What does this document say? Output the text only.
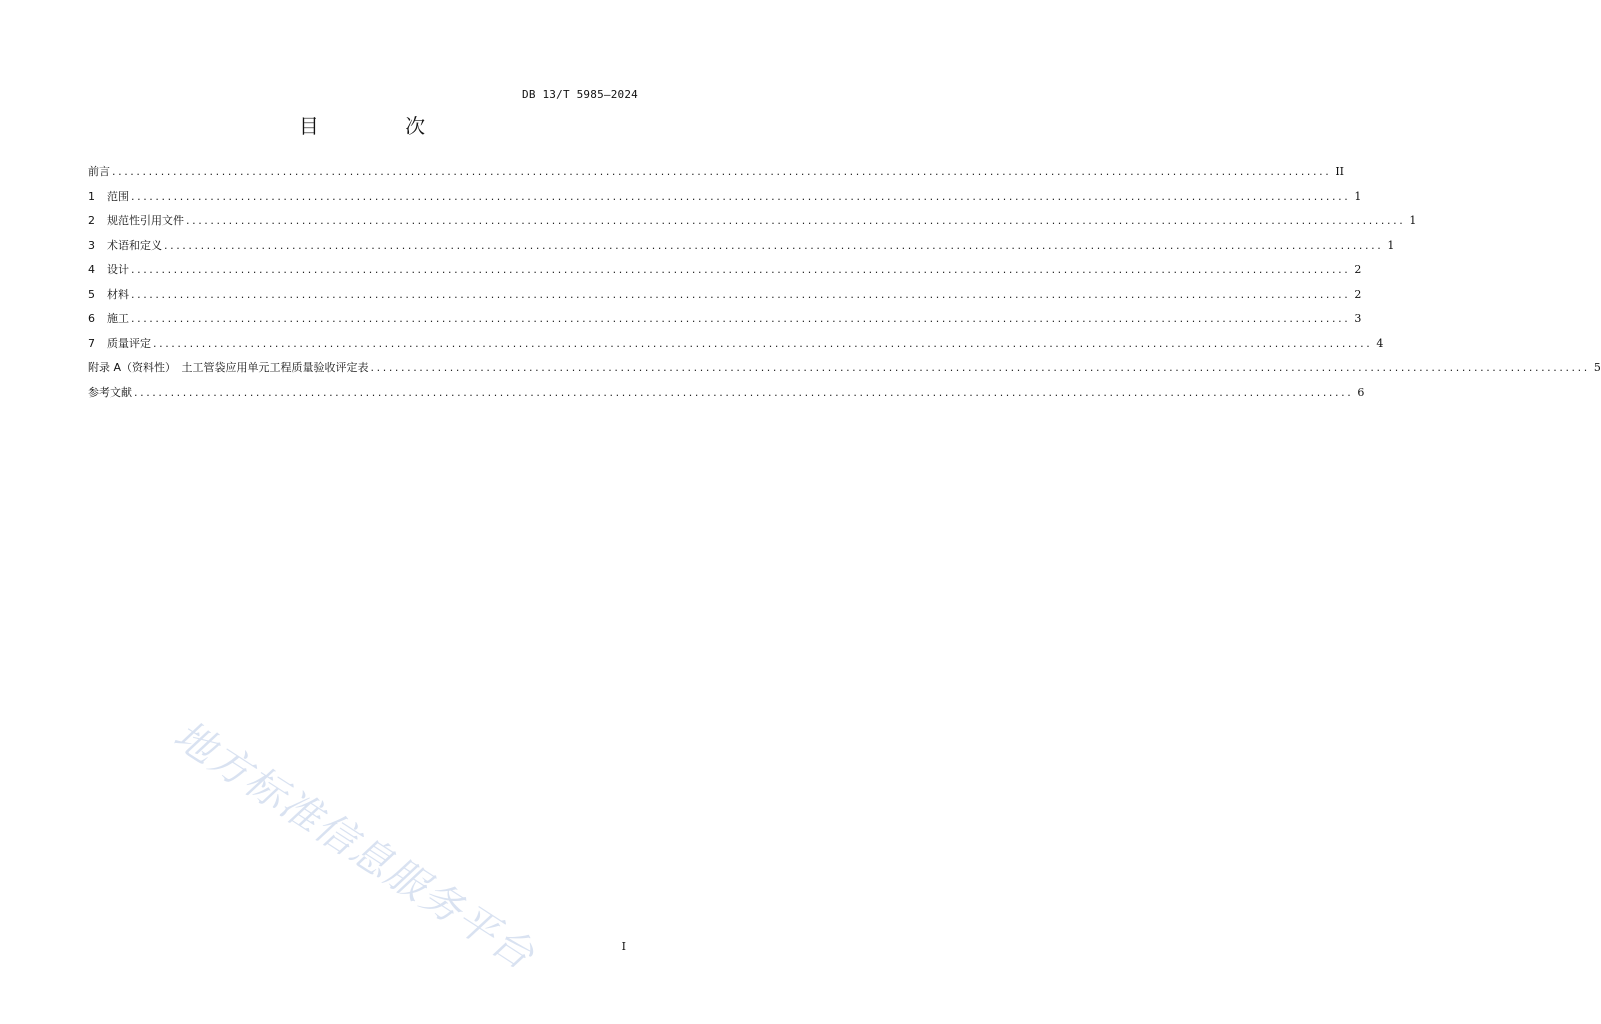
DB 13/T 5985—2024
目 次
前言 ........................................................................................................................................................................................................ II
1	范围 ........................................................................................................................................................................................................ 1
2	规范性引用文件 ........................................................................................................................................................................................................ 1
3	术语和定义 ........................................................................................................................................................................................................ 1
4	设计 ........................................................................................................................................................................................................ 2
5	材料 ........................................................................................................................................................................................................ 2
6	施工 ........................................................................................................................................................................................................ 3
7	质量评定 ........................................................................................................................................................................................................ 4
附录 A（资料性）　土工管袋应用单元工程质量验收评定表 ........................................................................................................................................................................................................ 5
参考文献 ........................................................................................................................................................................................................ 6
地方标准信息服务平台	I
